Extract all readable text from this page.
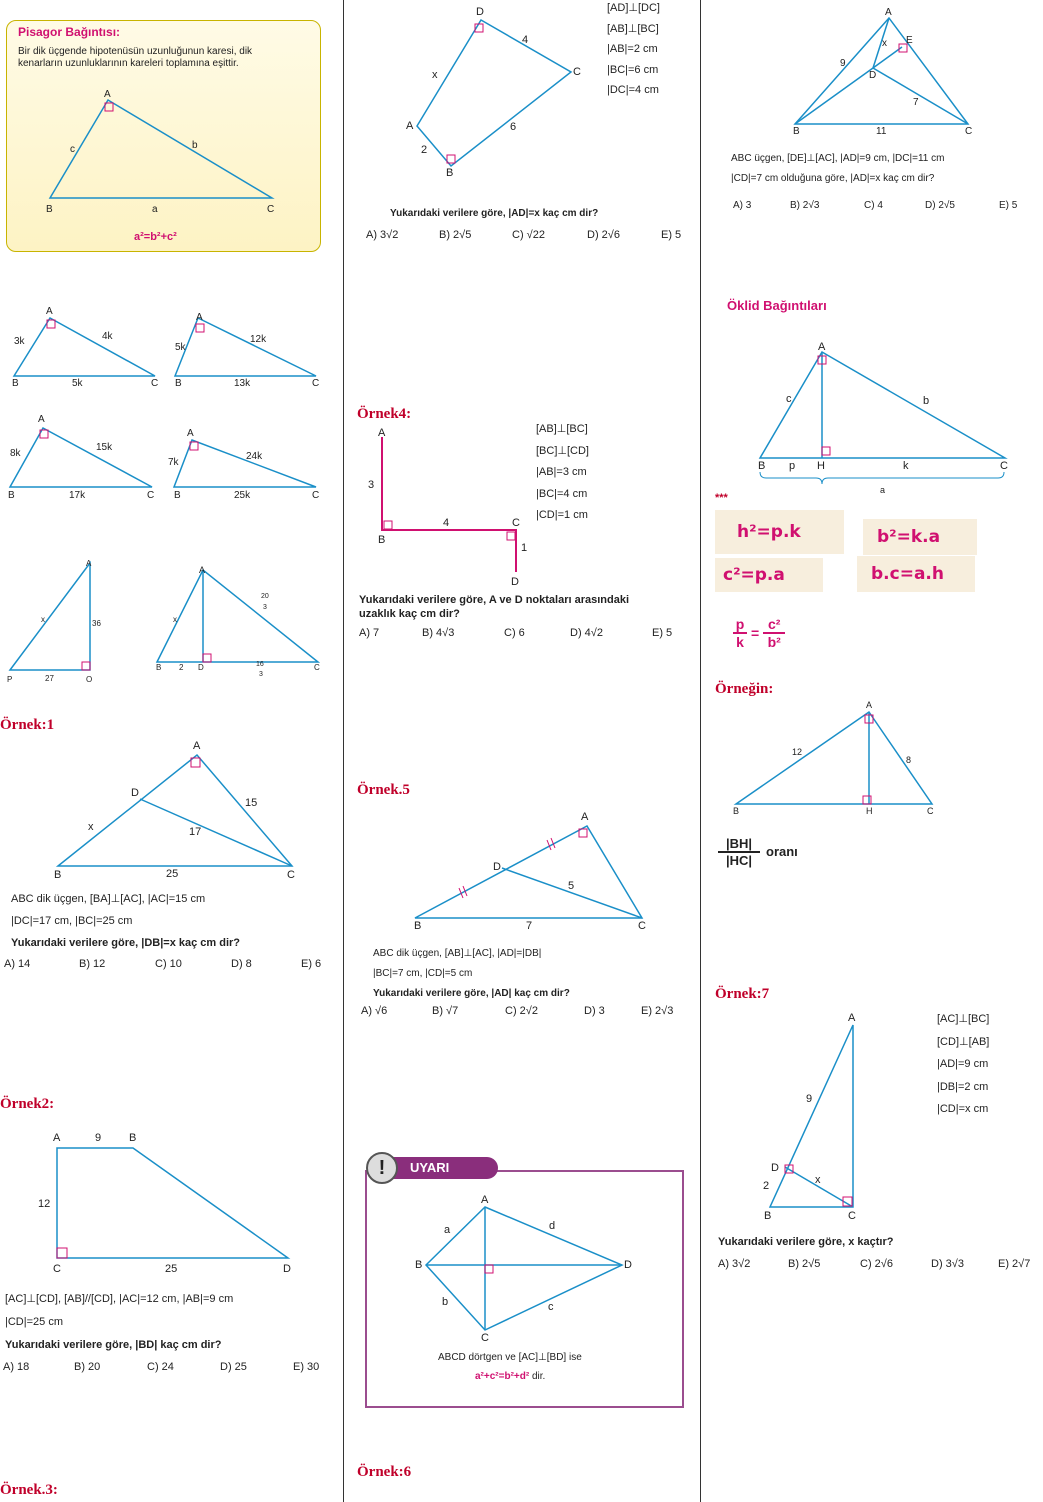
Pisagor Bağıntısı:
Bir dik üçgende hipotenüsün uzunluğunun karesi, dik
kenarların uzunluklarının kareleri toplamına eşittir.
a²=b²+c²
A
B	C
a
b
c
3k	4k
5k
A
B	C
5k
12k
13k
A
B	C
8k
15k
17k
A
B	C
7k
24k
25k
A
B	C
A
x	36
27
P	O
A
x
20
3
B 2 D	16
3
C
Örnek:1
A
D
x
15
17
25
B	C
ABC dik üçgen, [BA]⊥[AC], |AC|=15 cm
|DC|=17 cm, |BC|=25 cm
Yukarıdaki verilere göre, |DB|=x kaç cm dir?
A) 14	B) 12	C) 10	D) 8	E) 6
Örnek2:
A	9	B
12
C	25	D
[AC]⊥[CD], [AB]//[CD], |AC|=12 cm, |AB|=9 cm
|CD|=25 cm
Yukarıdaki verilere göre, |BD| kaç cm dir?
A) 18	B) 20	C) 24	D) 25	E) 30
Örnek.3:
D
4
C
x
6
A
2
B
[AD]⊥[DC]
[AB]⊥[BC]
|AB|=2 cm
|BC|=6 cm
|DC|=4 cm
Yukarıdaki verilere göre, |AD|=x kaç cm dir?
A) 3√2	B) 2√5	C) √22	D) 2√6	E) 5
Örnek4:
A
3
4	C
B
1
D
[AB]⊥[BC]
[BC]⊥[CD]
|AB|=3 cm
|BC|=4 cm
|CD|=1 cm
Yukarıdaki verilere göre, A ve D noktaları arasındaki
uzaklık kaç cm dir?
A) 7	B) 4√3	C) 6	D) 4√2	E) 5
Örnek.5
A
D
5
7
B	C
ABC dik üçgen, [AB]⊥[AC], |AD|=|DB|
|BC|=7 cm, |CD|=5 cm
Yukarıdaki verilere göre, |AD| kaç cm dir?
A) √6	B) √7	C) 2√2	D) 3	E) 2√3
UYARI
!
A
a	d
B	D
b	c
C
ABCD dörtgen ve [AC]⊥[BD] ise
a²+c²=b²+d² dir.
Örnek:6
A
E
x
9
D
7
B	11	C
ABC üçgen, [DE]⊥[AC], |AD|=9 cm, |DC|=11 cm
|CD|=7 cm olduğuna göre, |AD|=x kaç cm dir?
A) 3	B) 2√3	C) 4	D) 2√5	E) 5
Öklid Bağıntıları
A
c	b
B p H	k	C
a
***
h²=p.k	b²=k.a
c²=p.a	b.c=a.h
p
k
=
c²
b²
Örneğin:
A
12
8
B	H	C
|BH|
|HC|
oranı
Örnek:7
A
9
D
x
2
B	C
[AC]⊥[BC]
[CD]⊥[AB]
|AD|=9 cm
|DB|=2 cm
|CD|=x cm
Yukarıdaki verilere göre, x kaçtır?
A) 3√2	B) 2√5	C) 2√6	D) 3√3	E) 2√7
